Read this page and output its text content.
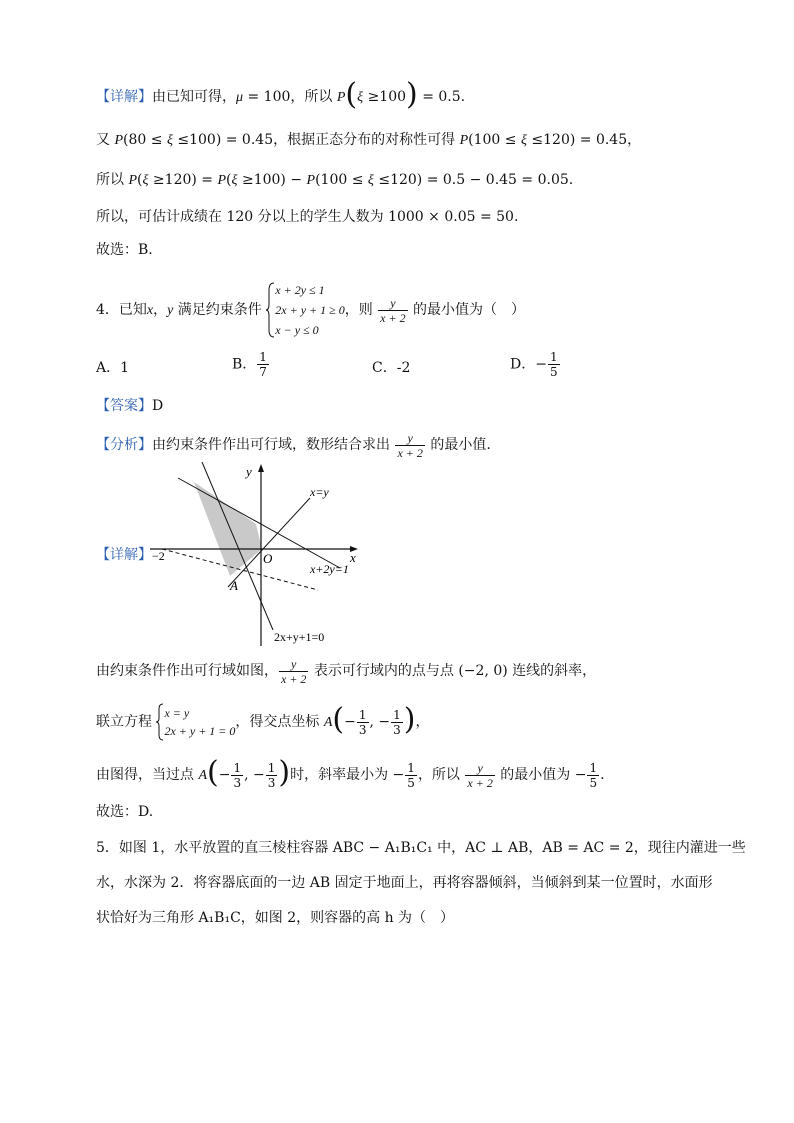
【详解】由已知可得，μ = 100，所以 P(ξ ≥100) = 0.5.
又 P(80 ≤ ξ ≤100) = 0.45，根据正态分布的对称性可得 P(100 ≤ ξ ≤120) = 0.45，
所以 P(ξ ≥120) = P(ξ ≥100) − P(100 ≤ ξ ≤120) = 0.5 − 0.45 = 0.05.
所以，可估计成绩在 120 分以上的学生人数为 1000 × 0.05 = 50.
故选：B.
4．已知x，y 满足约束条件
x + 2y ≤ 1
2x + y + 1 ≥ 0
x − y ≤ 0
，则 $\frac{y}{x + 2}$ 的最小值为（　）
A．1	B． $\frac{1}{7}$	C．-2	D．− $\frac{1}{5}$
【答案】D
【分析】由约束条件作出可行域，数形结合求出 $\frac{y}{x + 2}$ 的最小值.
【详解】
y
x
O
−2
A
x=y
x+2y=1
2x+y+1=0
由约束条件作出可行域如图， $\frac{y}{x + 2}$ 表示可行域内的点与点 (−2, 0) 连线的斜率，
联立方程
x = y
2x + y + 1 = 0
，得交点坐标 $A(- \frac{1}{3}$ , − $\frac{1}{3}$ )，
由图得，当过点 $A(- \frac{1}{3}$ , − $\frac{1}{3}$ )时，斜率最小为 − $\frac{1}{5}$ ，所以 $\frac{y}{x + 2}$ 的最小值为 − $\frac{1}{5}$ .
故选：D.
5．如图 1，水平放置的直三棱柱容器 ABC − A₁B₁C₁ 中，AC ⊥ AB，AB = AC = 2，现往内灌进一些
水，水深为 2．将容器底面的一边 AB 固定于地面上，再将容器倾斜，当倾斜到某一位置时，水面形
状恰好为三角形 A₁B₁C，如图 2，则容器的高 h 为（　）
